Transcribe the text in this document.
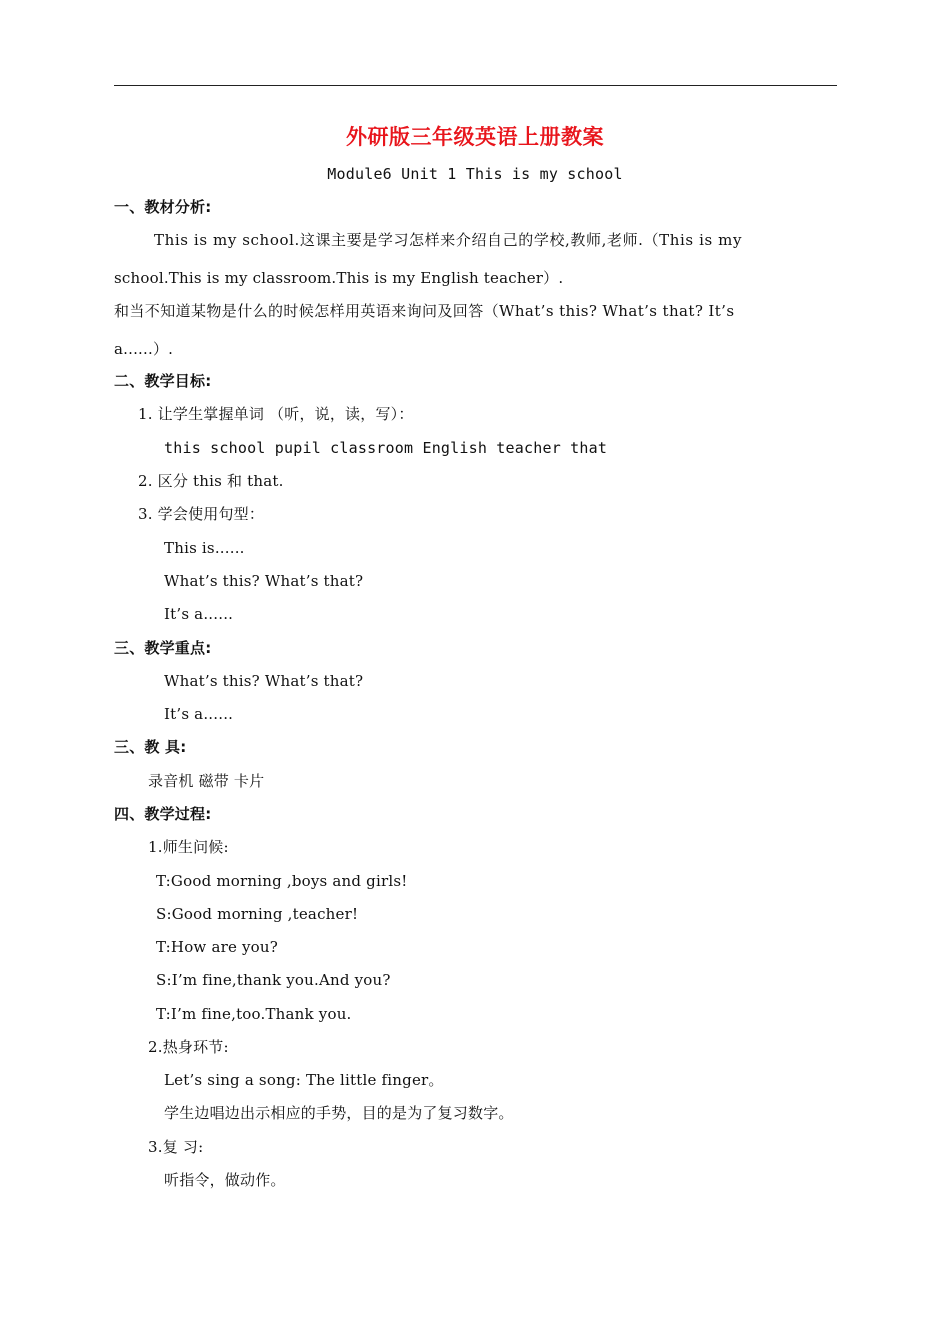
外研版三年级英语上册教案
Module6 Unit 1 This is my school
一、教材分析:
This is my school.这课主要是学习怎样来介绍自己的学校,教师,老师.（This is my
school.This is my classroom.This is my English teacher）.
和当不知道某物是什么的时候怎样用英语来询问及回答（What’s this? What’s that? It’s
a......）.
二、教学目标:
1. 让学生掌握单词 （听，说，读，写）：
this school pupil classroom English teacher that
2. 区分 this 和 that.
3. 学会使用句型：
This is......
What’s this? What’s that?
It’s a......
三、教学重点:
What’s this? What’s that?
It’s a......
三、教 具:
录音机 磁带 卡片
四、教学过程:
1.师生问候:
T:Good morning ,boys and girls!
S:Good morning ,teacher!
T:How are you?
S:I’m fine,thank you.And you?
T:I’m fine,too.Thank you.
2.热身环节:
Let’s sing a song: The little finger。
学生边唱边出示相应的手势，目的是为了复习数字。
3.复 习:
听指令，做动作。
